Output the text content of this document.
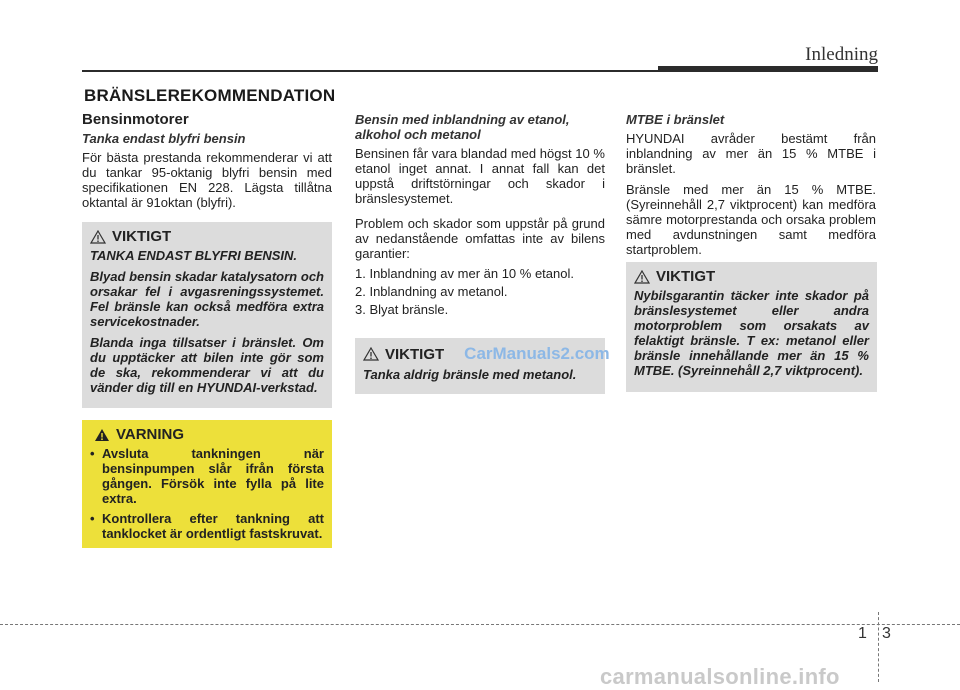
Inledning
BRÄNSLEREKOMMENDATION
Bensinmotorer
Tanka endast blyfri bensin

För bästa prestanda rekommenderar vi att du tankar 95-oktanig blyfri bensin med specifikationen EN 228. Lägsta tillåtna oktantal är 91oktan (blyfri).

VIKTIGT

TANKA ENDAST BLYFRI BENSIN.

Blyad bensin skadar katalysatorn och orsakar fel i avgasreningssystemet. Fel bränsle kan också medföra extra servicekostnader.

Blanda inga tillsatser i bränslet. Om du upptäcker att bilen inte gör som de ska, rekommenderar vi att du vänder dig till en HYUNDAI-verkstad.

VARNING
• Avsluta tankningen när bensinpumpen slår ifrån första gången. Försök inte fylla på lite extra.
• Kontrollera efter tankning att tanklocket är ordentligt fastskruvat.
Bensin med inblandning av etanol, alkohol och metanol

Bensinen får vara blandad med högst 10 % etanol inget annat. I annat fall kan det uppstå driftstörningar och skador i bränslesystemet.

Problem och skador som uppstår på grund av nedanstående omfattas inte av bilens garantier:

1. Inblandning av mer än 10 % etanol.
2. Inblandning av metanol.
3. Blyat bränsle.
VIKTIGT CarManuals2.com
Tanka aldrig bränsle med metanol.
MTBE i bränslet

HYUNDAI avråder bestämt från inblandning av mer än 15 % MTBE i bränslet.

Bränsle med mer än 15 % MTBE. (Syreinnehåll 2,7 viktprocent) kan medföra sämre motorprestanda och orsaka problem med avdunstningen samt medföra startproblem.

VIKTIGT
Nybilsgarantin täcker inte skador på bränslesystemet eller andra motorproblem som orsakats av felaktigt bränsle. T ex: metanol eller bränsle innehållande mer än 15 % MTBE. (Syreinnehåll 2,7 viktprocent).
1 3
carmanualsonline.info
